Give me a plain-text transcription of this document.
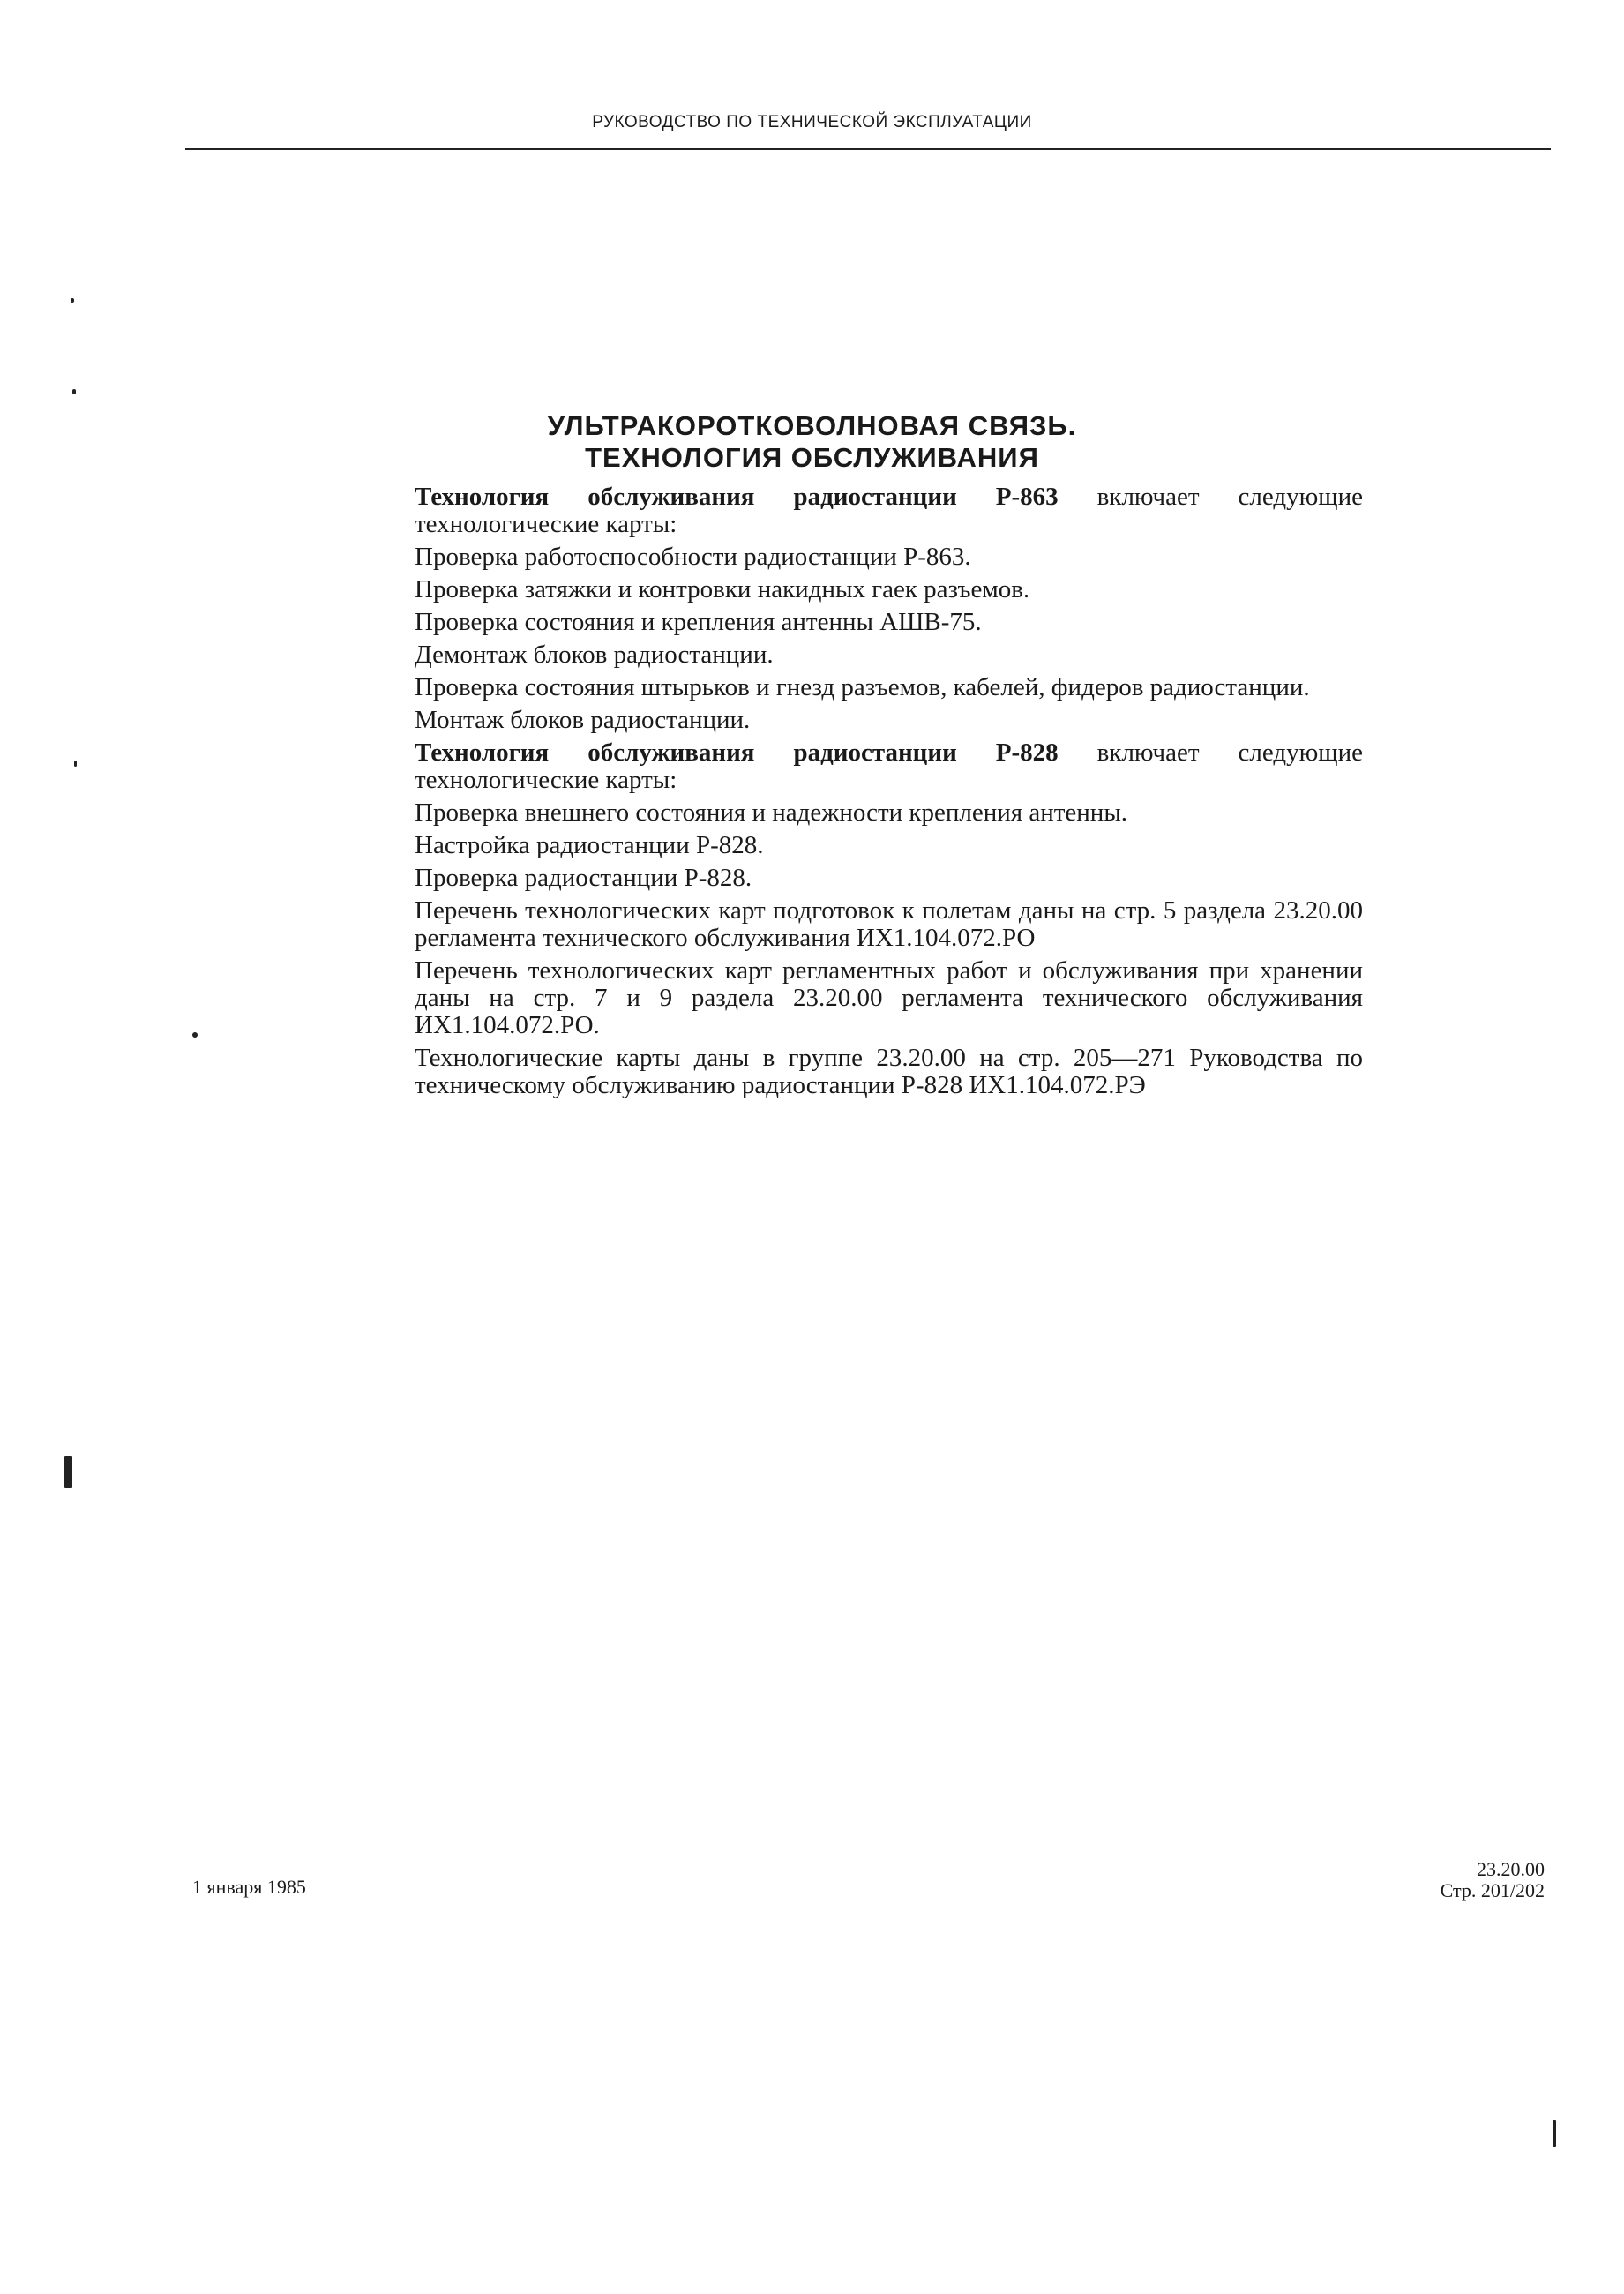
РУКОВОДСТВО ПО ТЕХНИЧЕСКОЙ ЭКСПЛУАТАЦИИ
УЛЬТРАКОРОТКОВОЛНОВАЯ СВЯЗЬ.
ТЕХНОЛОГИЯ ОБСЛУЖИВАНИЯ

Технология обслуживания радиостанции Р-863 включает следующие технологические карты:

Проверка работоспособности радиостанции Р-863.

Проверка затяжки и контровки накидных гаек разъемов.

Проверка состояния и крепления антенны АШВ-75.

Демонтаж блоков радиостанции.

Проверка состояния штырьков и гнезд разъемов, кабелей, фидеров радиостанции.

Монтаж блоков радиостанции.

Технология обслуживания радиостанции Р-828 включает следующие технологические карты:

Проверка внешнего состояния и надежности крепления антенны.

Настройка радиостанции Р-828.

Проверка радиостанции Р-828.

Перечень технологических карт подготовок к полетам даны на стр. 5 раздела 23.20.00 регламента технического обслуживания ИХ1.104.072.РО

Перечень технологических карт регламентных работ и обслуживания при хранении даны на стр. 7 и 9 раздела 23.20.00 регламента технического обслуживания ИХ1.104.072.РО.

Технологические карты даны в группе 23.20.00 на стр. 205—271 Руководства по техническому обслуживанию радиостанции Р-828 ИХ1.104.072.РЭ

1 января 1985
23.20.00
Стр. 201/202
